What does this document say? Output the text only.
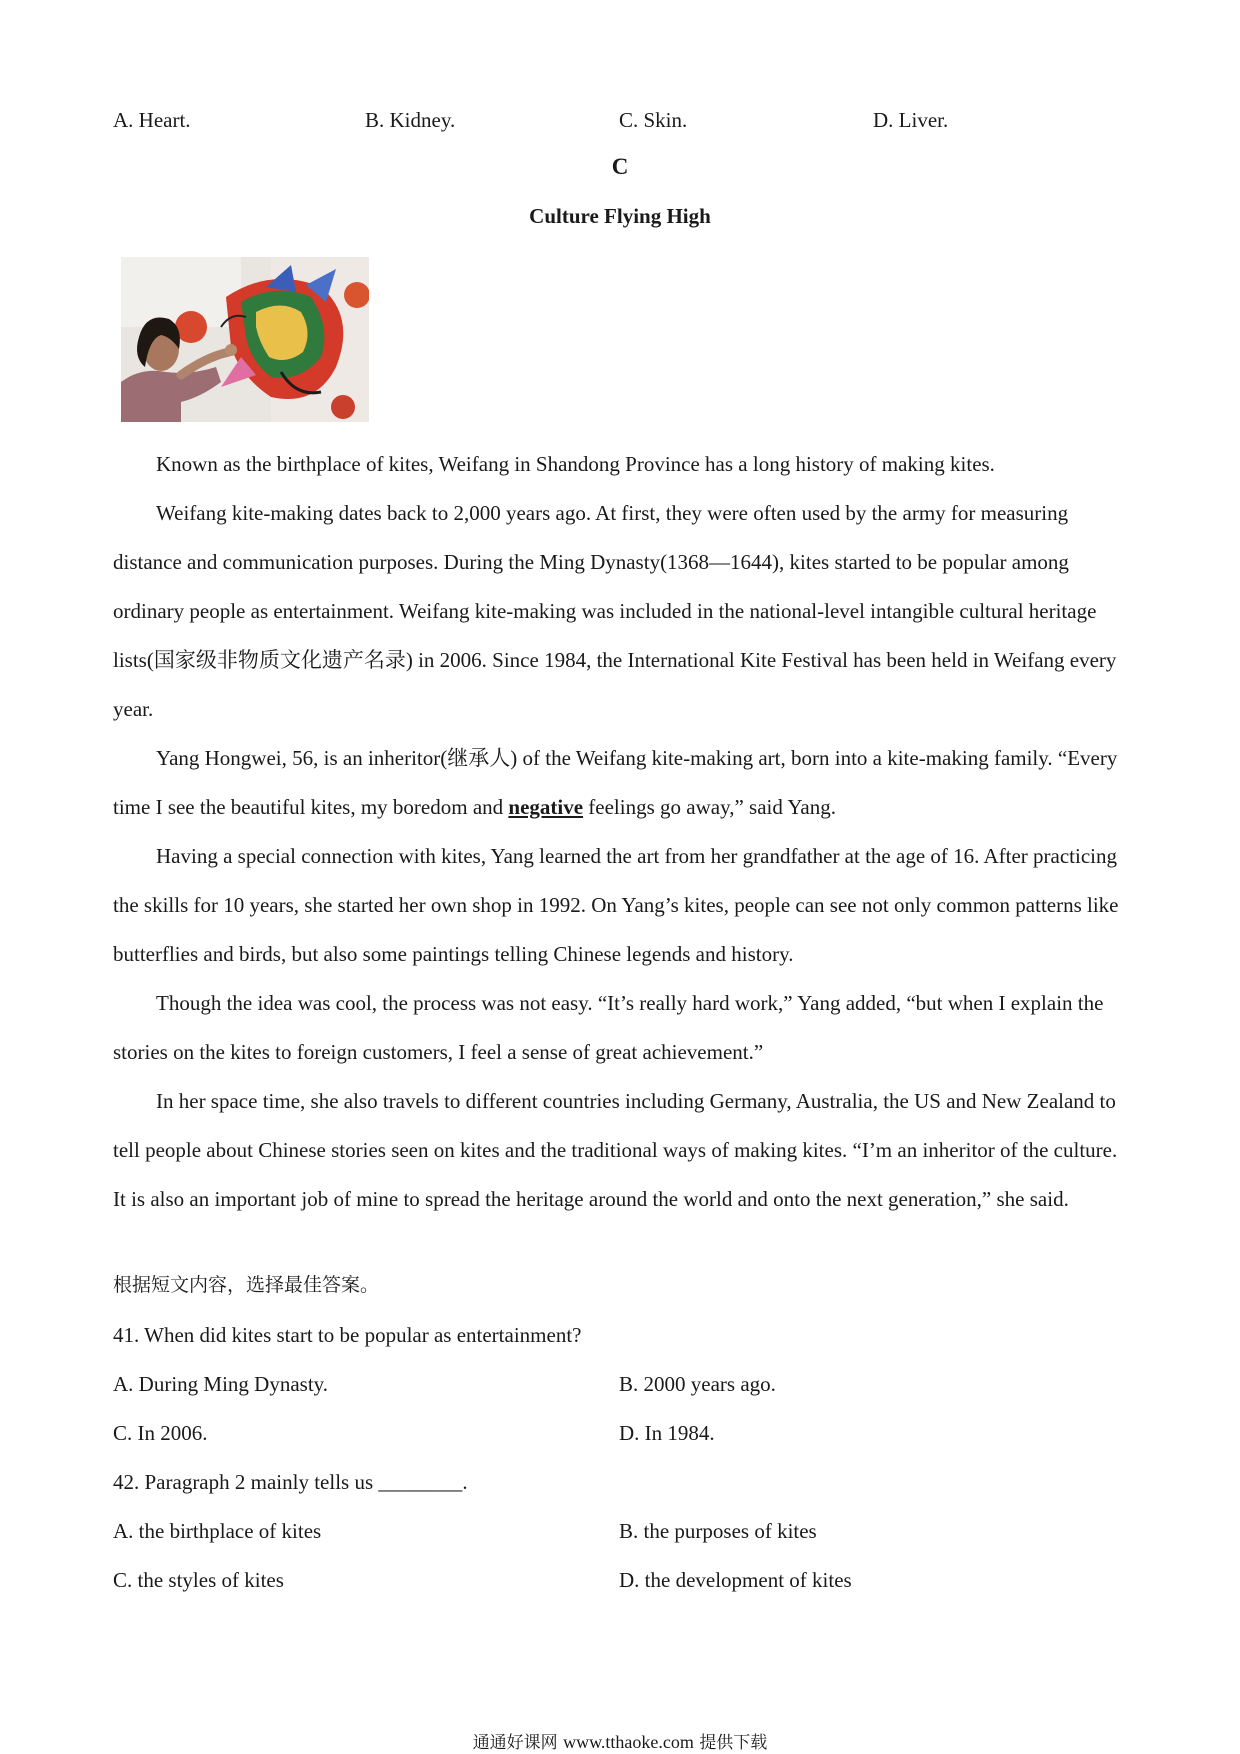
A. Heart.	B. Kidney.	C. Skin.	D. Liver.
C
Culture Flying High

Known as the birthplace of kites, Weifang in Shandong Province has a long history of making kites.

Weifang kite-making dates back to 2,000 years ago. At first, they were often used by the army for measuring distance and communication purposes. During the Ming Dynasty(1368—1644), kites started to be popular among ordinary people as entertainment. Weifang kite-making was included in the national-level intangible cultural heritage lists(国家级非物质文化遗产名录) in 2006. Since 1984, the International Kite Festival has been held in Weifang every year.

Yang Hongwei, 56, is an inheritor(继承人) of the Weifang kite-making art, born into a kite-making family. “Every time I see the beautiful kites, my boredom and negative feelings go away,” said Yang.

Having a special connection with kites, Yang learned the art from her grandfather at the age of 16. After practicing the skills for 10 years, she started her own shop in 1992. On Yang’s kites, people can see not only common patterns like butterflies and birds, but also some paintings telling Chinese legends and history.

Though the idea was cool, the process was not easy. “It’s really hard work,” Yang added, “but when I explain the stories on the kites to foreign customers, I feel a sense of great achievement.”

In her space time, she also travels to different countries including Germany, Australia, the US and New Zealand to tell people about Chinese stories seen on kites and the traditional ways of making kites. “I’m an inheritor of the culture. It is also an important job of mine to spread the heritage around the world and onto the next generation,” she said.

根据短文内容，选择最佳答案。
41. When did kites start to be popular as entertainment?
A. During Ming Dynasty.	B. 2000 years ago.
C. In 2006.	D. In 1984.
42. Paragraph 2 mainly tells us ________.
A. the birthplace of kites	B. the purposes of kites
C. the styles of kites	D. the development of kites
通通好课网 www.tthaoke.com 提供下载
